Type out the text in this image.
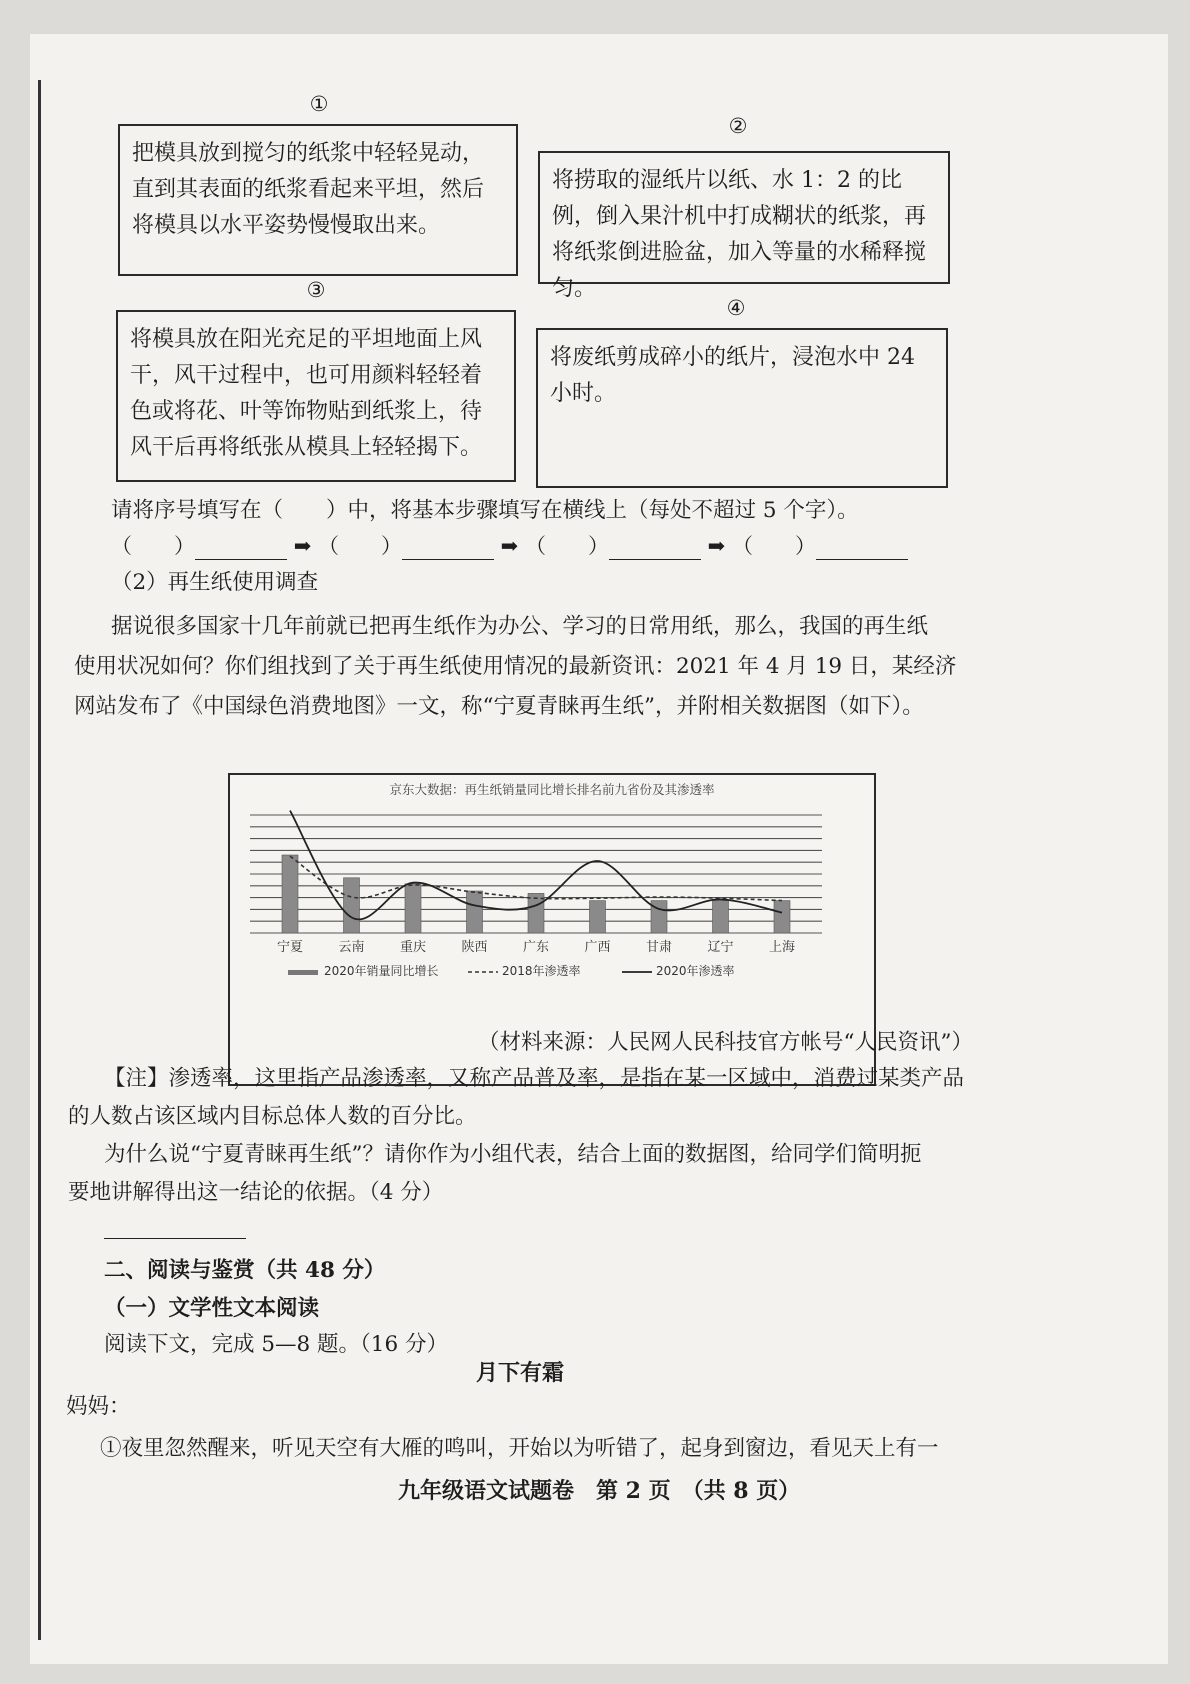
①
把模具放到搅匀的纸浆中轻轻晃动，直到其表面的纸浆看起来平坦，然后将模具以水平姿势慢慢取出来。
②
将捞取的湿纸片以纸、水 1：2 的比例，倒入果汁机中打成糊状的纸浆，再将纸浆倒进脸盆，加入等量的水稀释搅匀。
③
将模具放在阳光充足的平坦地面上风干，风干过程中，也可用颜料轻轻着色或将花、叶等饰物贴到纸浆上，待风干后再将纸张从模具上轻轻揭下。
④
将废纸剪成碎小的纸片，浸泡水中 24 小时。
请将序号填写在（　　）中，将基本步骤填写在横线上（每处不超过 5 个字）。
（　　）	➡ （　　）	➡ （　　）	➡ （　　）
（2）再生纸使用调查
据说很多国家十几年前就已把再生纸作为办公、学习的日常用纸，那么，我国的再生纸
使用状况如何？你们组找到了关于再生纸使用情况的最新资讯：2021 年 4 月 19 日，某经济
网站发布了《中国绿色消费地图》一文，称“宁夏青睐再生纸”，并附相关数据图（如下）。
京东大数据：再生纸销量同比增长排名前九省份及其渗透率
宁夏	云南	重庆	陕西	广东	广西	甘肃	辽宁	上海
2020年销量同比增长	2018年渗透率	2020年渗透率
（材料来源：人民网人民科技官方帐号“人民资讯”）
【注】渗透率，这里指产品渗透率，又称产品普及率，是指在某一区域中，消费过某类产品
的人数占该区域内目标总体人数的百分比。
为什么说“宁夏青睐再生纸”？请你作为小组代表，结合上面的数据图，给同学们简明扼
要地讲解得出这一结论的依据。（4 分）
二、阅读与鉴赏（共 48 分）
（一）文学性文本阅读
阅读下文，完成 5—8 题。（16 分）
月下有霜
妈妈：
①夜里忽然醒来，听见天空有大雁的鸣叫，开始以为听错了，起身到窗边，看见天上有一
九年级语文试题卷　第 2 页　（共 8 页）
